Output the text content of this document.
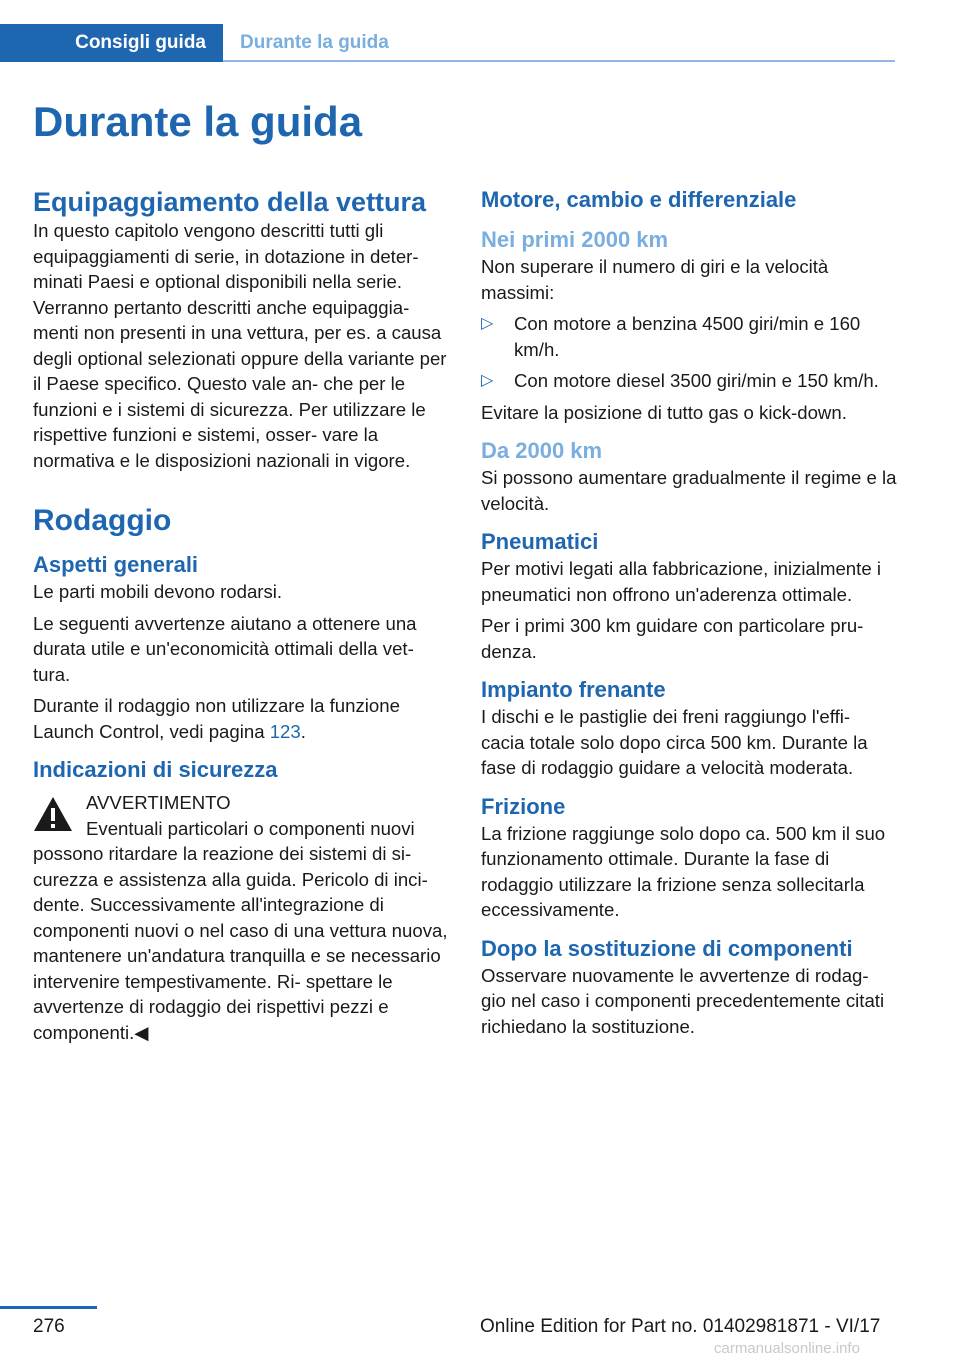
Consigli guida	Durante la guida
Durante la guida
Equipaggiamento della vettura

In questo capitolo vengono descritti tutti gli equipaggiamenti di serie, in dotazione in deter- minati Paesi e optional disponibili nella serie. Verranno pertanto descritti anche equipaggia- menti non presenti in una vettura, per es. a causa degli optional selezionati oppure della variante per il Paese specifico. Questo vale an- che per le funzioni e i sistemi di sicurezza. Per utilizzare le rispettive funzioni e sistemi, osser- vare la normativa e le disposizioni nazionali in vigore.

Rodaggio
Aspetti generali

Le parti mobili devono rodarsi.

Le seguenti avvertenze aiutano a ottenere una durata utile e un'economicità ottimali della vet- tura.

Durante il rodaggio non utilizzare la funzione Launch Control, vedi pagina 123.

Indicazioni di sicurezza

AVVERTIMENTO

Eventuali particolari o componenti nuovi possono ritardare la reazione dei sistemi di si- curezza e assistenza alla guida. Pericolo di inci- dente. Successivamente all'integrazione di componenti nuovi o nel caso di una vettura nuova, mantenere un'andatura tranquilla e se necessario intervenire tempestivamente. Ri- spettare le avvertenze di rodaggio dei rispettivi pezzi e componenti.◀

Motore, cambio e differenziale
Nei primi 2000 km

Non superare il numero di giri e la velocità massimi:

▷ Con motore a benzina 4500 giri/min e 160 km/h.
▷ Con motore diesel 3500 giri/min e 150 km/h.

Evitare la posizione di tutto gas o kick-down.

Da 2000 km

Si possono aumentare gradualmente il regime e la velocità.

Pneumatici

Per motivi legati alla fabbricazione, inizialmente i pneumatici non offrono un'aderenza ottimale.

Per i primi 300 km guidare con particolare pru- denza.

Impianto frenante

I dischi e le pastiglie dei freni raggiungo l'effi- cacia totale solo dopo circa 500 km. Durante la fase di rodaggio guidare a velocità moderata.

Frizione

La frizione raggiunge solo dopo ca. 500 km il suo funzionamento ottimale. Durante la fase di rodaggio utilizzare la frizione senza sollecitarla eccessivamente.

Dopo la sostituzione di componenti

Osservare nuovamente le avvertenze di rodag- gio nel caso i componenti precedentemente citati richiedano la sostituzione.

276	Online Edition for Part no. 01402981871 - VI/17
carmanualsonline.info
